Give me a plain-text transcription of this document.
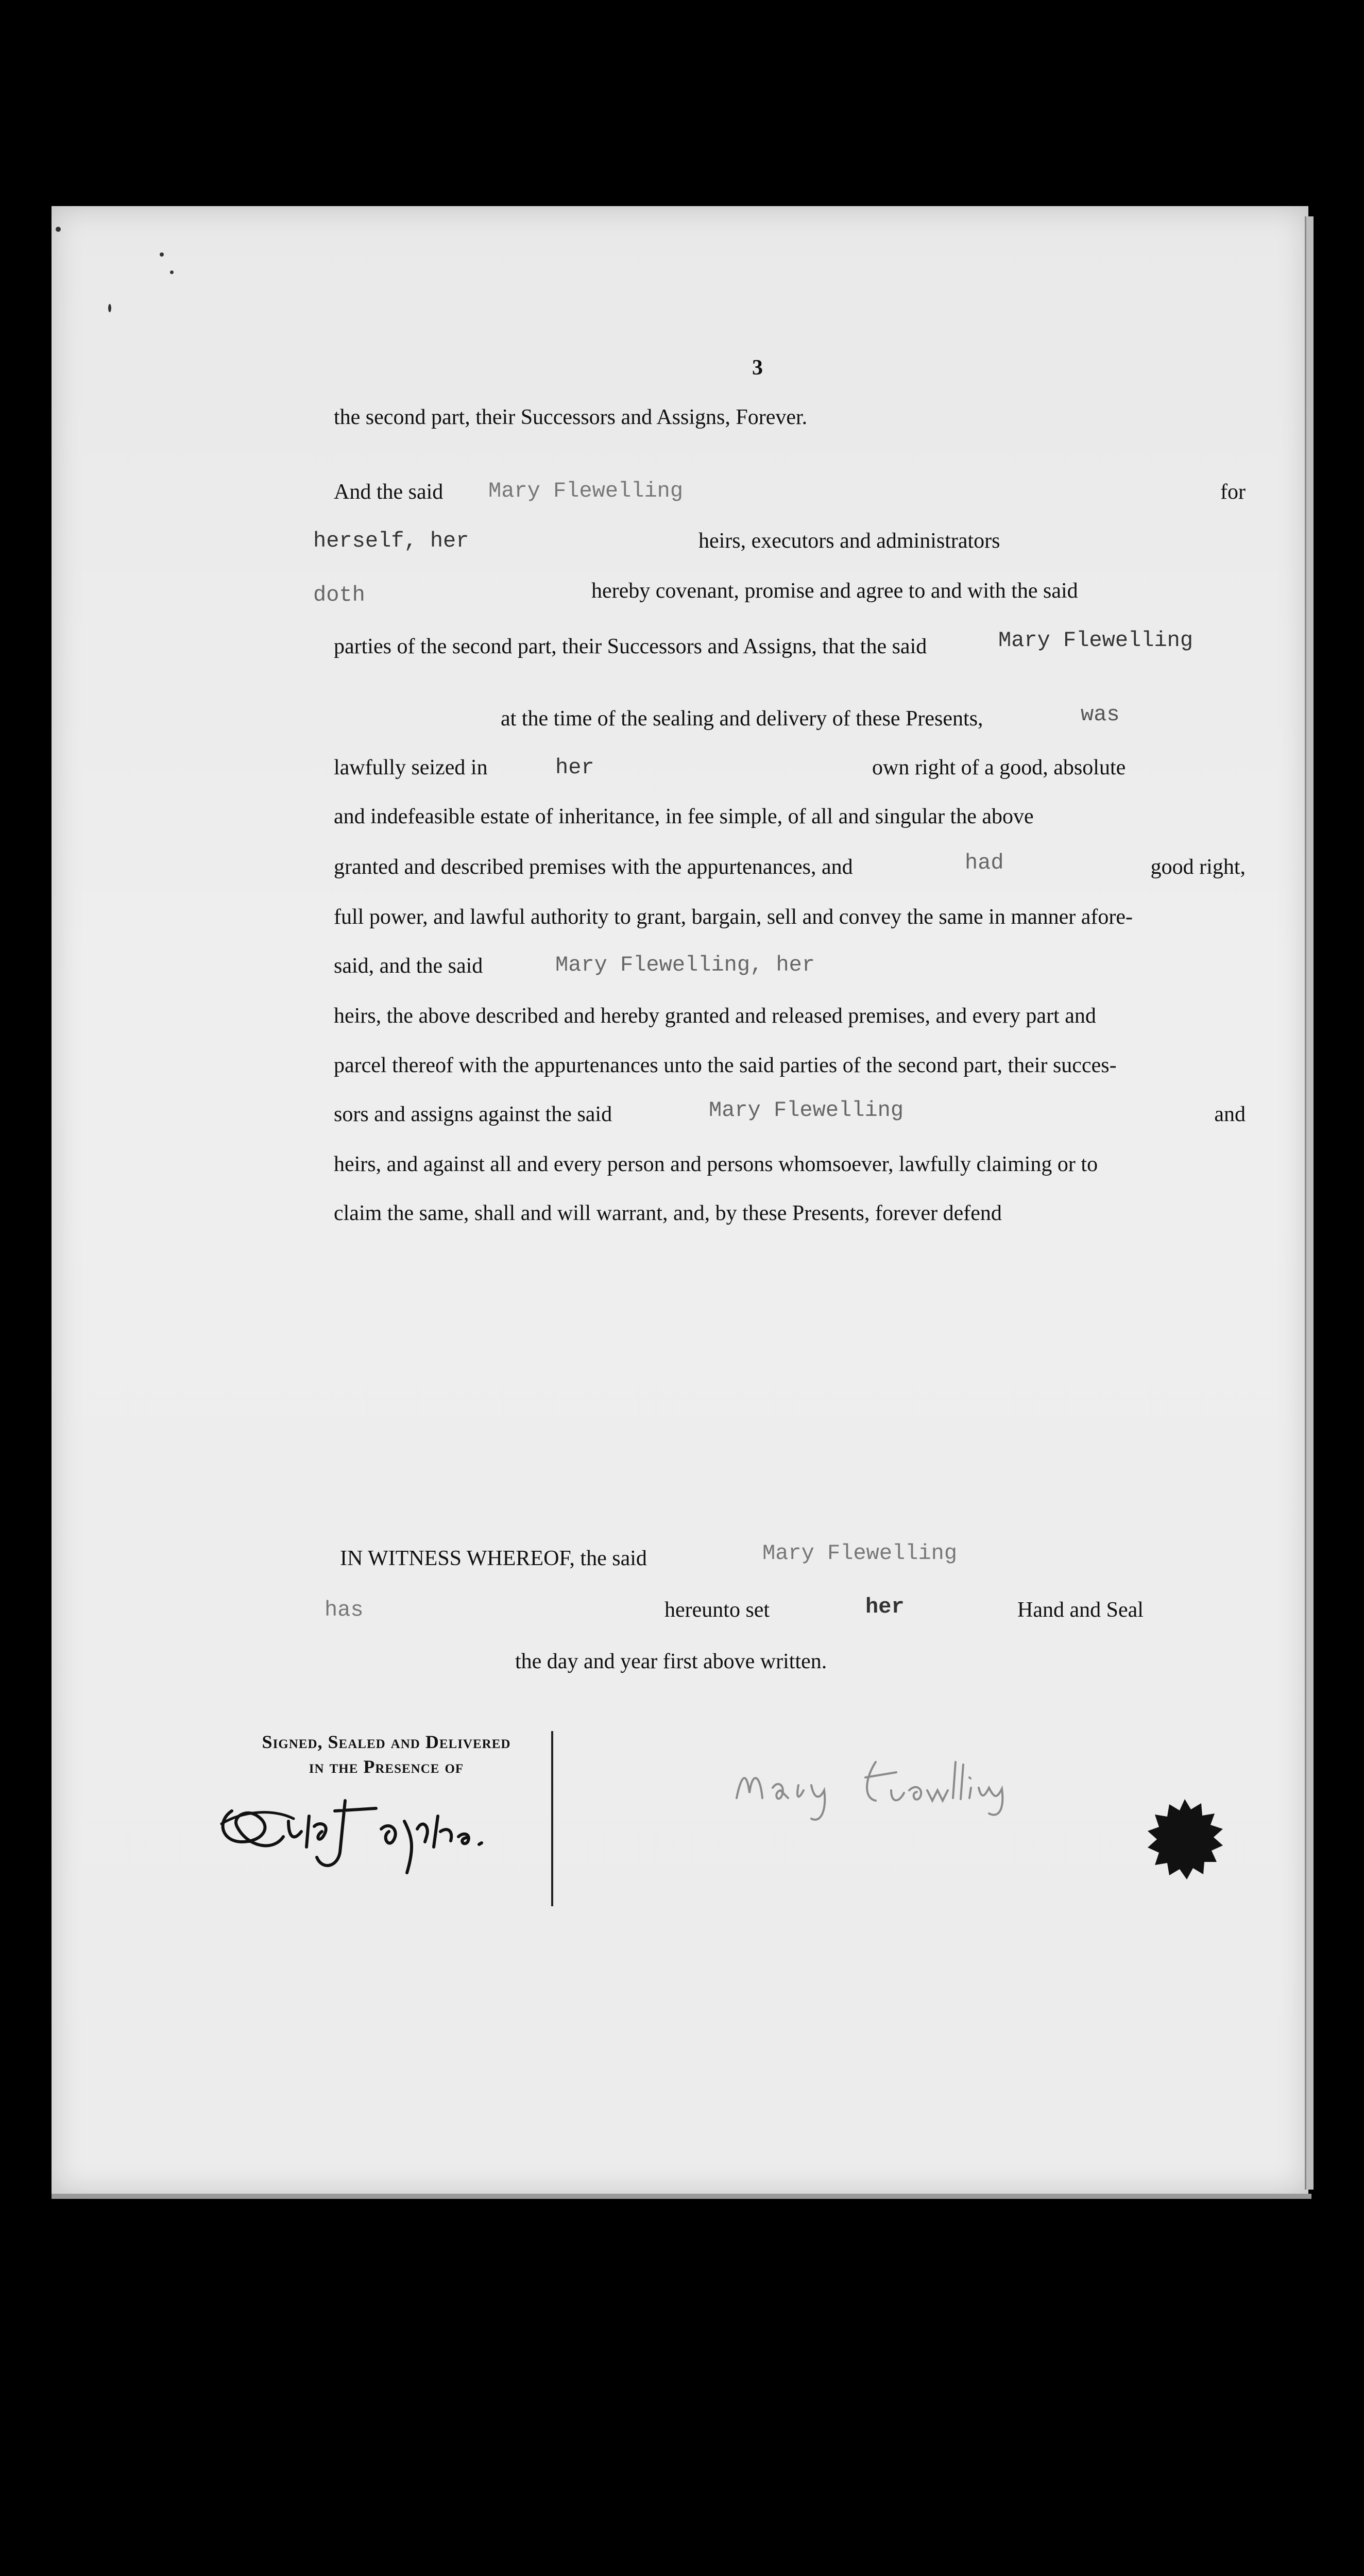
3
the second part, their Successors and Assigns, Forever.
And the said Mary Flewelling	for
herself, her	heirs, executors and administrators
doth	hereby covenant, promise and agree to and with the said
parties of the second part, their Successors and Assigns, that the said	Mary Flewelling
at the time of the sealing and delivery of these Presents,	was
lawfully seized in	her	own right of a good, absolute
and indefeasible estate of inheritance, in fee simple, of all and singular the above
granted and described premises with the appurtenances, and	had	good right,
full power, and lawful authority to grant, bargain, sell and convey the same in manner afore-
said, and the said	Mary Flewelling, her
heirs, the above described and hereby granted and released premises, and every part and
parcel thereof with the appurtenances unto the said parties of the second part, their succes-
sors and assigns against the said	Mary Flewelling	and
heirs, and against all and every person and persons whomsoever, lawfully claiming or to
claim the same, shall and will warrant, and, by these Presents, forever defend
IN WITNESS WHEREOF, the said	Mary Flewelling
has	hereunto set	her	Hand and Seal
the day and year first above written.
Signed, Sealed and Delivered
in the Presence of
